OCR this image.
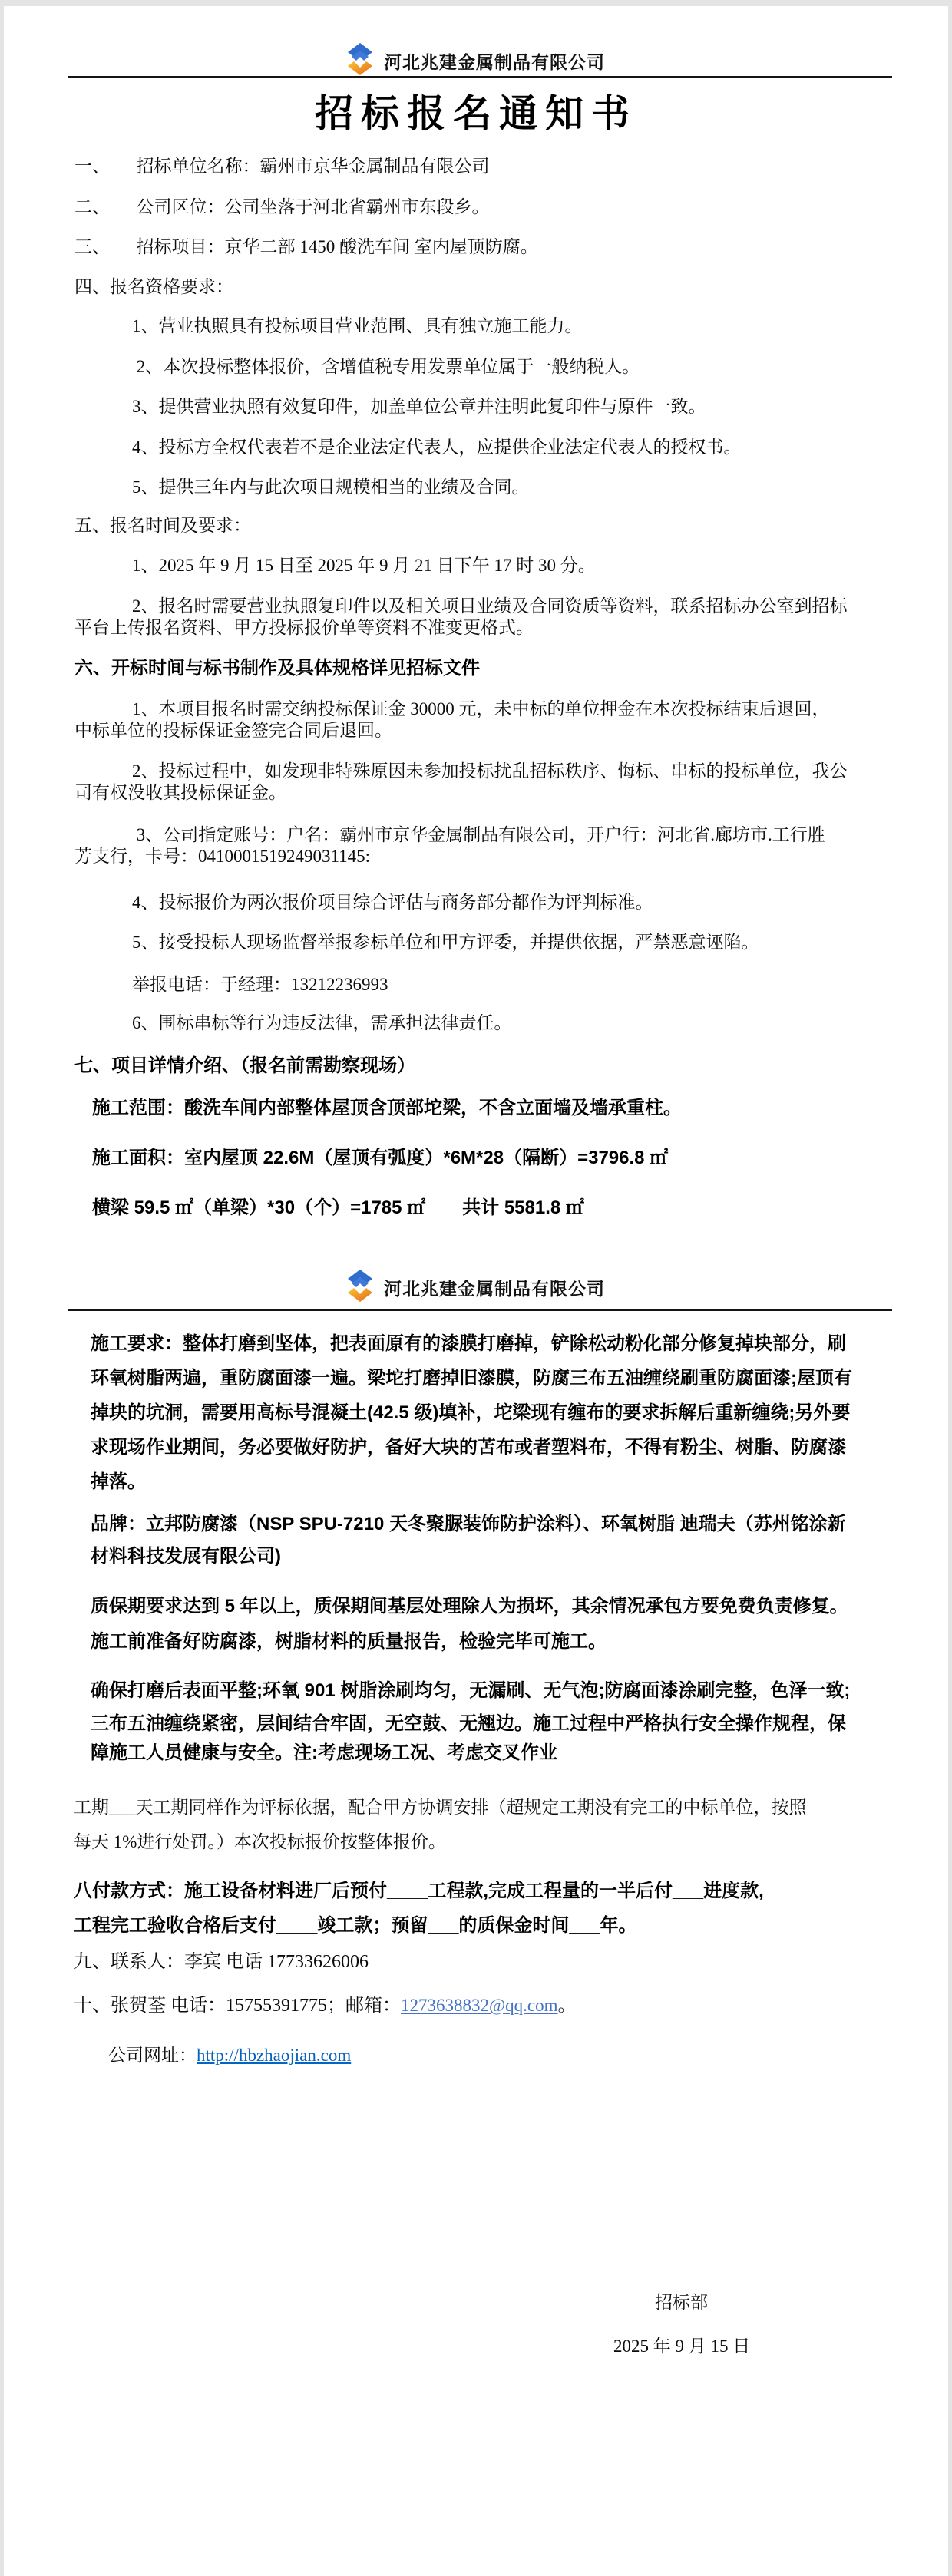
河北兆建金属制品有限公司
招标报名通知书
一、　　招标单位名称：霸州市京华金属制品有限公司
二、　　公司区位：公司坐落于河北省霸州市东段乡。
三、　　招标项目：京华二部 1450 酸洗车间 室内屋顶防腐。
四、报名资格要求：
1、营业执照具有投标项目营业范围、具有独立施工能力。
2、本次投标整体报价，含增值税专用发票单位属于一般纳税人。
3、提供营业执照有效复印件，加盖单位公章并注明此复印件与原件一致。
4、投标方全权代表若不是企业法定代表人，应提供企业法定代表人的授权书。
5、提供三年内与此次项目规模相当的业绩及合同。
五、报名时间及要求：
1、2025 年 9 月 15 日至 2025 年 9 月 21 日下午 17 时 30 分。
2、报名时需要营业执照复印件以及相关项目业绩及合同资质等资料，联系招标办公室到招标
平台上传报名资料、甲方投标报价单等资料不准变更格式。
六、开标时间与标书制作及具体规格详见招标文件
1、本项目报名时需交纳投标保证金 30000 元，未中标的单位押金在本次投标结束后退回，
中标单位的投标保证金签完合同后退回。
2、投标过程中，如发现非特殊原因未参加投标扰乱招标秩序、悔标、串标的投标单位，我公
司有权没收其投标保证金。
3、公司指定账号：户名：霸州市京华金属制品有限公司，开户行：河北省.廊坊市.工行胜
芳支行，卡号：0410001519249031145:
4、投标报价为两次报价项目综合评估与商务部分都作为评判标准。
5、接受投标人现场监督举报参标单位和甲方评委，并提供依据，严禁恶意诬陷。
举报电话：于经理：13212236993
6、围标串标等行为违反法律，需承担法律责任。
七、项目详情介绍、（报名前需勘察现场）
施工范围：酸洗车间内部整体屋顶含顶部坨梁，不含立面墙及墙承重柱。
施工面积：室内屋顶 22.6M（屋顶有弧度）*6M*28（隔断）=3796.8 ㎡
横梁 59.5 ㎡（单梁）*30（个）=1785 ㎡　　共计 5581.8 ㎡
河北兆建金属制品有限公司
施工要求：整体打磨到坚体，把表面原有的漆膜打磨掉，铲除松动粉化部分修复掉块部分，刷
环氧树脂两遍，重防腐面漆一遍。梁坨打磨掉旧漆膜，防腐三布五油缠绕刷重防腐面漆;屋顶有
掉块的坑洞，需要用高标号混凝土(42.5 级)填补，坨梁现有缠布的要求拆解后重新缠绕;另外要
求现场作业期间，务必要做好防护，备好大块的苫布或者塑料布，不得有粉尘、树脂、防腐漆
掉落。
品牌：立邦防腐漆（NSP SPU-7210 天冬聚脲装饰防护涂料）、环氧树脂 迪瑞夫（苏州铭涂新
材料科技发展有限公司)
质保期要求达到 5 年以上，质保期间基层处理除人为损坏，其余情况承包方要免费负责修复。
施工前准备好防腐漆，树脂材料的质量报告，检验完毕可施工。
确保打磨后表面平整;环氧 901 树脂涂刷均匀，无漏刷、无气泡;防腐面漆涂刷完整，色泽一致;
三布五油缠绕紧密，层间结合牢固，无空鼓、无翘边。施工过程中严格执行安全操作规程，保
障施工人员健康与安全。注:考虑现场工况、考虑交叉作业
工期___天工期同样作为评标依据，配合甲方协调安排（超规定工期没有完工的中标单位，按照
每天 1%进行处罚。）本次投标报价按整体报价。
八付款方式：施工设备材料进厂后预付____工程款,完成工程量的一半后付___进度款,
工程完工验收合格后支付____竣工款；预留___的质保金时间___年。
九、联系人：李宾 电话 17733626006
十、张贺荃 电话：15755391775；邮箱：1273638832@qq.com。
公司网址：http://hbzhaojian.com
招标部
2025 年 9 月 15 日
